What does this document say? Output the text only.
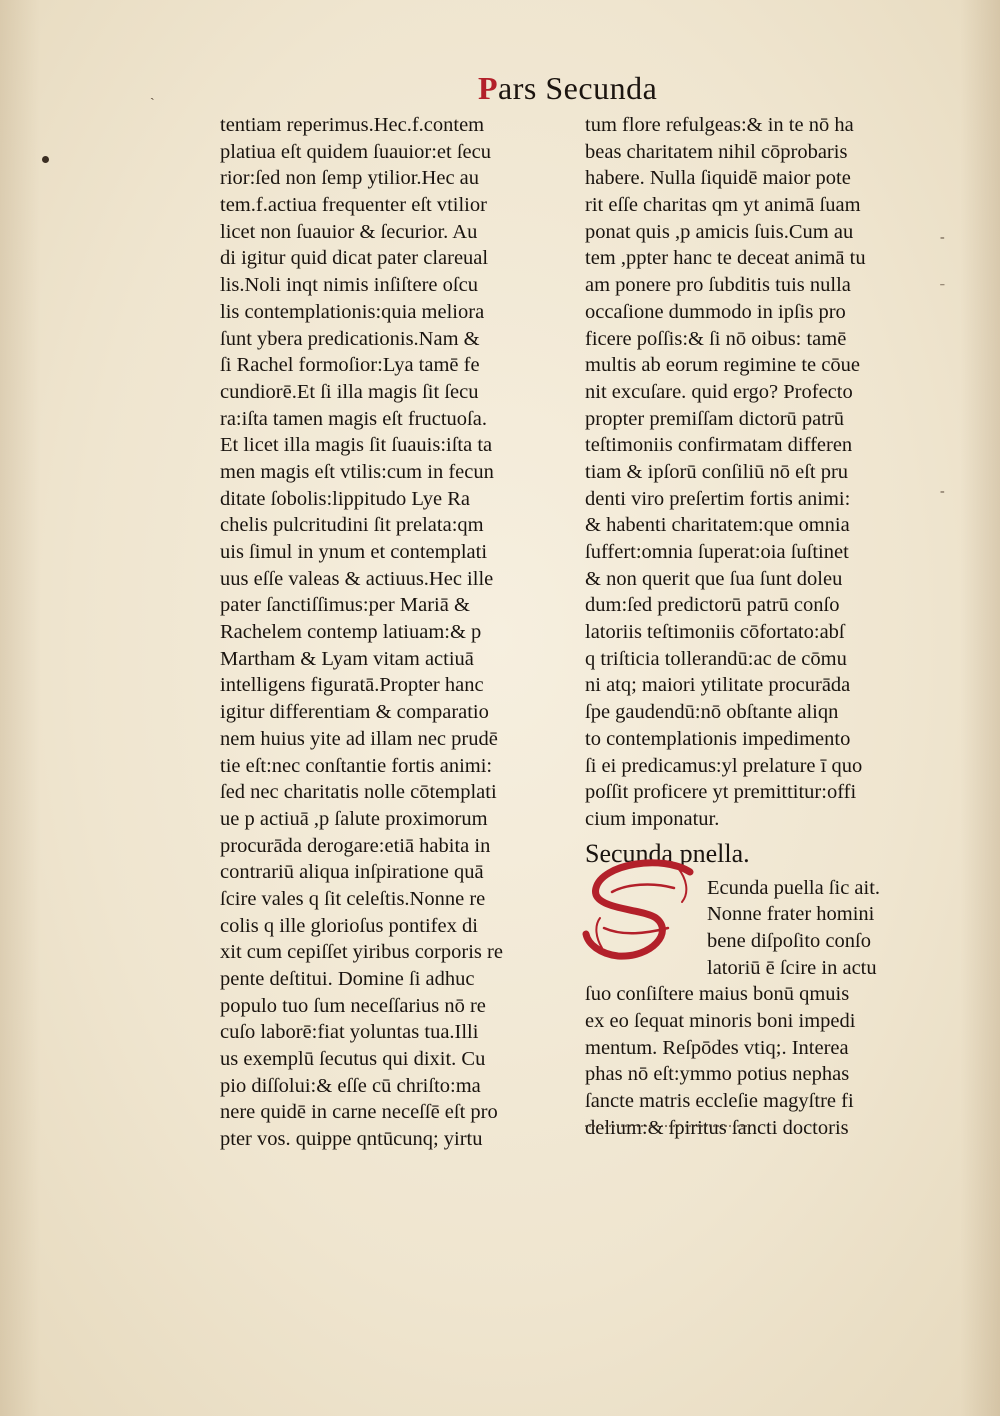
Pars Secunda
ˎ
-
ˉ
-
tentiam reperimus.Hec.f.contem
platiua eſt quidem ſuauior:et ſecu
rior:ſed non ſemp ytilior.Hec au
tem.f.actiua frequenter eſt vtilior
licet non ſuauior & ſecurior. Au
di igitur quid dicat pater clareual
lis.Noli inqt nimis inſiſtere oſcu
lis contemplationis:quia meliora
ſunt ybera predicationis.Nam &
ſi Rachel formoſior:Lya tamē fe
cundiorē.Et ſi illa magis ſit ſecu
ra:iſta tamen magis eſt fructuoſa.
Et licet illa magis ſit ſuauis:iſta ta
men magis eſt vtilis:cum in fecun
ditate ſobolis:lippitudo Lye Ra
chelis pulcritudini ſit prelata:qm
uis ſimul in ynum et contemplati
uus eſſe valeas & actiuus.Hec ille
pater ſanctiſſimus:per Mariā &
Rachelem contemp latiuam:& p
Martham & Lyam vitam actiuā
intelligens figuratā.Propter hanc
igitur differentiam & comparatio
nem huius yite ad illam nec prudē
tie eſt:nec conſtantie fortis animi:
ſed nec charitatis nolle cōtemplati
ue p actiuā ,p ſalute proximorum
procurāda derogare:etiā habita in
contrariū aliqua inſpiratione quā
ſcire vales q ſit celeſtis.Nonne re
colis q ille glorioſus pontifex di
xit cum cepiſſet yiribus corporis re
pente deſtitui. Domine ſi adhuc
populo tuo ſum neceſſarius nō re
cuſo laborē:fiat yoluntas tua.Illi
us exemplū ſecutus qui dixit. Cu
pio diſſolui:& eſſe cū chriſto:ma
nere quidē in carne neceſſē eſt pro
pter vos. quippe qntūcunq; yirtu
tum flore refulgeas:& in te nō ha
beas charitatem nihil cōprobaris
habere. Nulla ſiquidē maior pote
rit eſſe charitas qm yt animā ſuam
ponat quis ,p amicis ſuis.Cum au
tem ,ppter hanc te deceat animā tu
am ponere pro ſubditis tuis nulla
occaſione dummodo in ipſis pro
ficere poſſis:& ſi nō oibus: tamē
multis ab eorum regimine te cōue
nit excuſare. quid ergo? Profecto
propter premiſſam dictorū patrū
teſtimoniis confirmatam differen
tiam & ipſorū conſiliū nō eſt pru
denti viro preſertim fortis animi:
& habenti charitatem:que omnia
ſuffert:omnia ſuperat:oia ſuſtinet
& non querit que ſua ſunt doleu
dum:ſed predictorū patrū conſo
latoriis teſtimoniis cōfortato:abſ
q triſticia tollerandū:ac de cōmu
ni atq; maiori ytilitate procurāda
ſpe gaudendū:nō obſtante aliqn
to contemplationis impedimento
ſi ei predicamus:yl prelature ī quo
poſſit proficere yt premittitur:offi
cium imponatur.
Secunda pnella.
Ecunda puella ſic ait.
Nonne frater homini
bene diſpoſito conſo
latoriū ē ſcire in actu
ſuo conſiſtere maius bonū qmuis
ex eo ſequat minoris boni impedi
mentum. Reſpōdes vtiq;. Interea
phas nō eſt:ymmo potius nephas
ſancte matris eccleſie magyſtre fi
delium:& ſpiritus ſancti doctoris
